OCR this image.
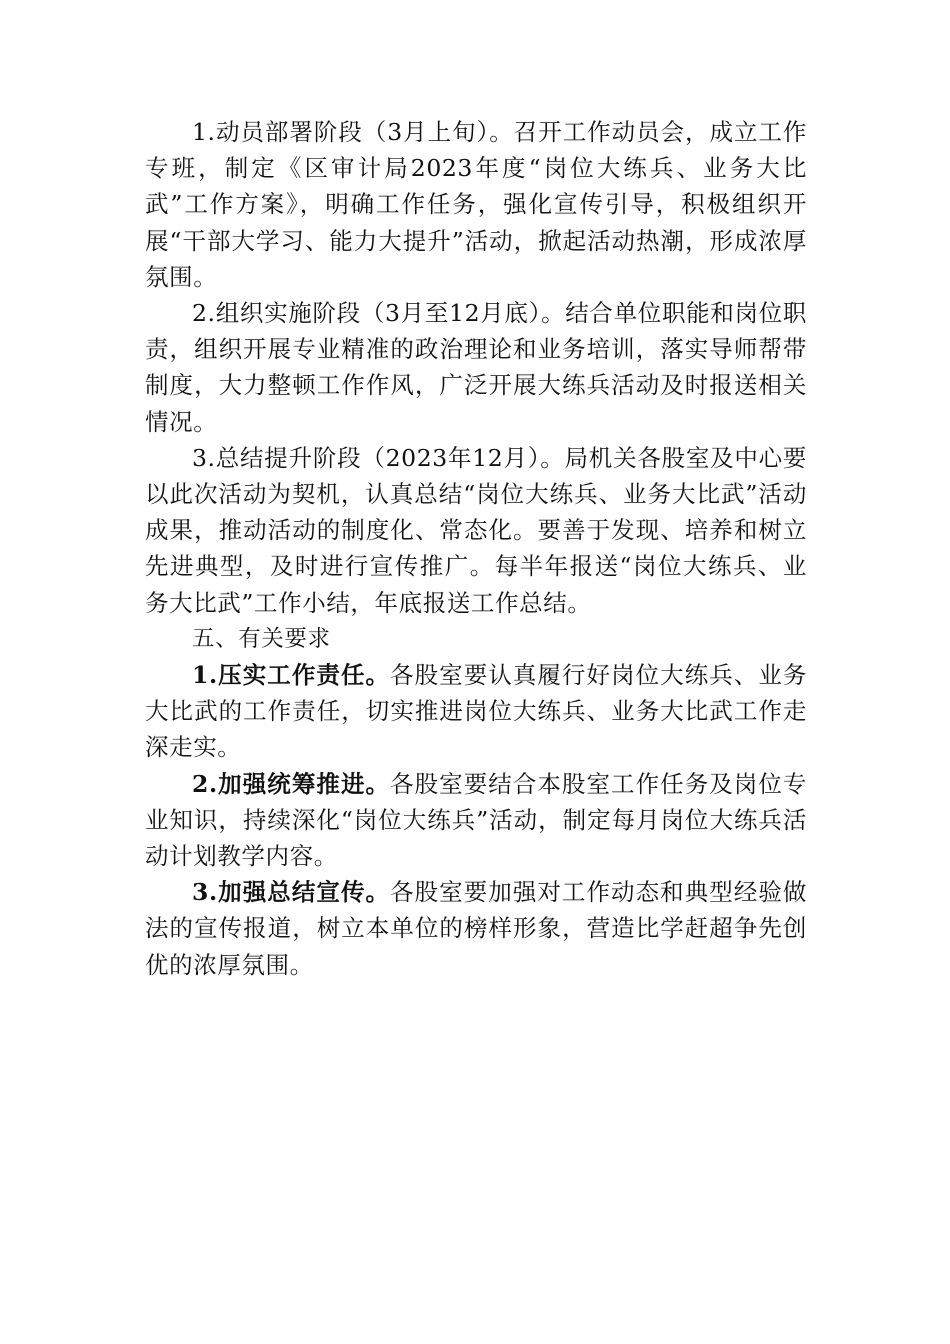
1.动员部署阶段（3月上旬）。召开工作动员会，成立工作专班，制定《区审计局2023年度“岗位大练兵、业务大比武”工作方案》，明确工作任务，强化宣传引导，积极组织开展“干部大学习、能力大提升”活动，掀起活动热潮，形成浓厚氛围。

2.组织实施阶段（3月至12月底）。结合单位职能和岗位职责，组织开展专业精准的政治理论和业务培训，落实导师帮带制度，大力整顿工作作风，广泛开展大练兵活动及时报送相关情况。

3.总结提升阶段（2023年12月）。局机关各股室及中心要以此次活动为契机，认真总结“岗位大练兵、业务大比武”活动成果，推动活动的制度化、常态化。要善于发现、培养和树立先进典型，及时进行宣传推广。每半年报送“岗位大练兵、业务大比武”工作小结，年底报送工作总结。

五、有关要求

1.压实工作责任。各股室要认真履行好岗位大练兵、业务大比武的工作责任，切实推进岗位大练兵、业务大比武工作走深走实。

2.加强统筹推进。各股室要结合本股室工作任务及岗位专业知识，持续深化“岗位大练兵”活动，制定每月岗位大练兵活动计划教学内容。

3.加强总结宣传。各股室要加强对工作动态和典型经验做法的宣传报道，树立本单位的榜样形象，营造比学赶超争先创优的浓厚氛围。
